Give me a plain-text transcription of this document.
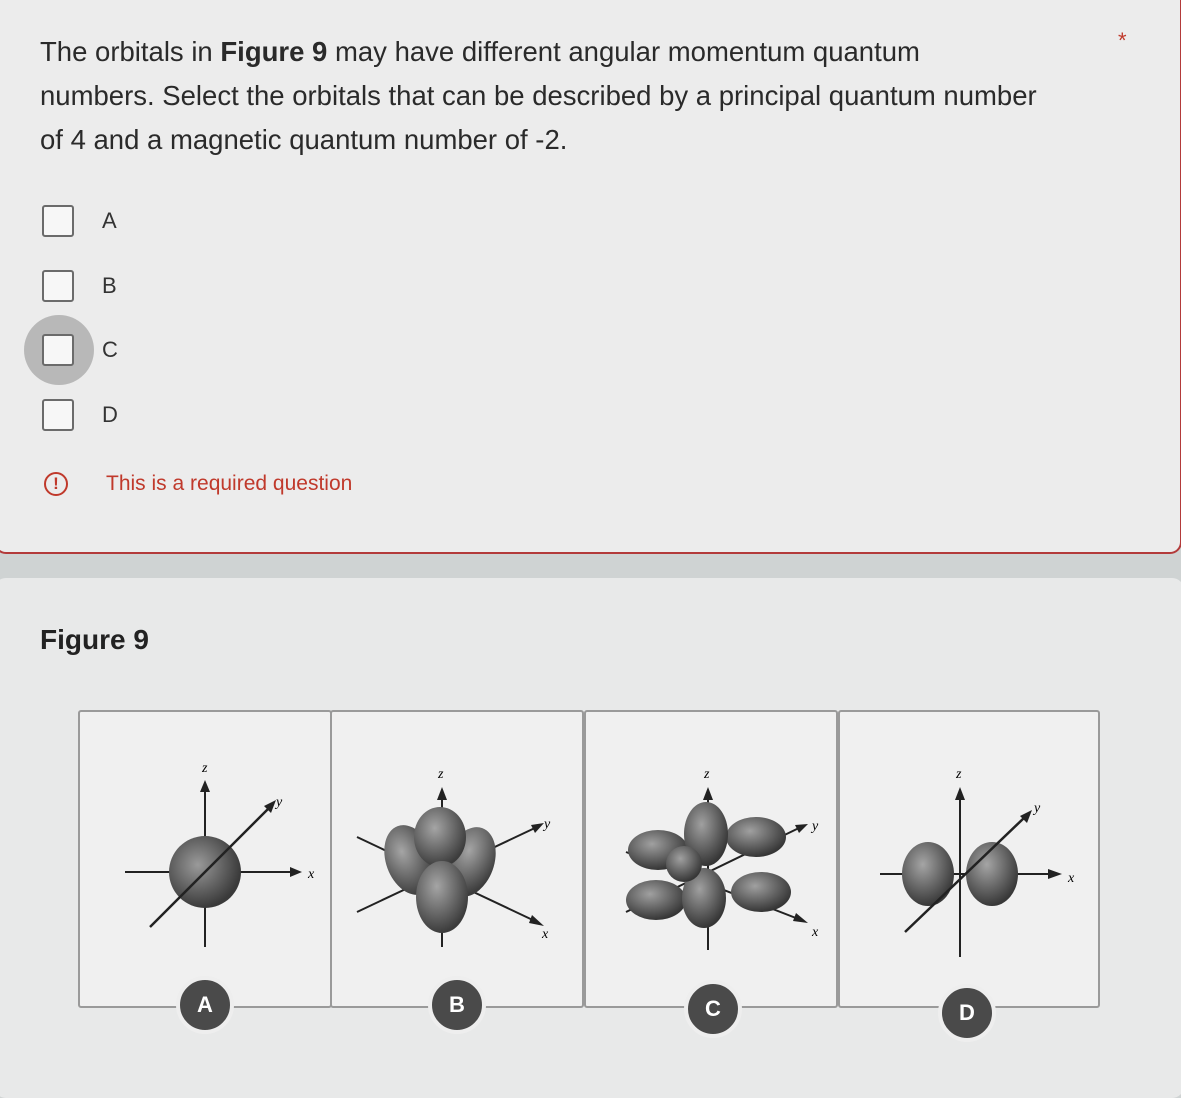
The orbitals in Figure 9 may have different angular momentum quantum numbers. Select the orbitals that can be described by a principal quantum number of 4 and a magnetic quantum number of -2.
*
A
B
C
D
!	This is a required question
Figure 9
z
y
x
z
y
x
z
y
x
z
y
x
A	B	C	D
